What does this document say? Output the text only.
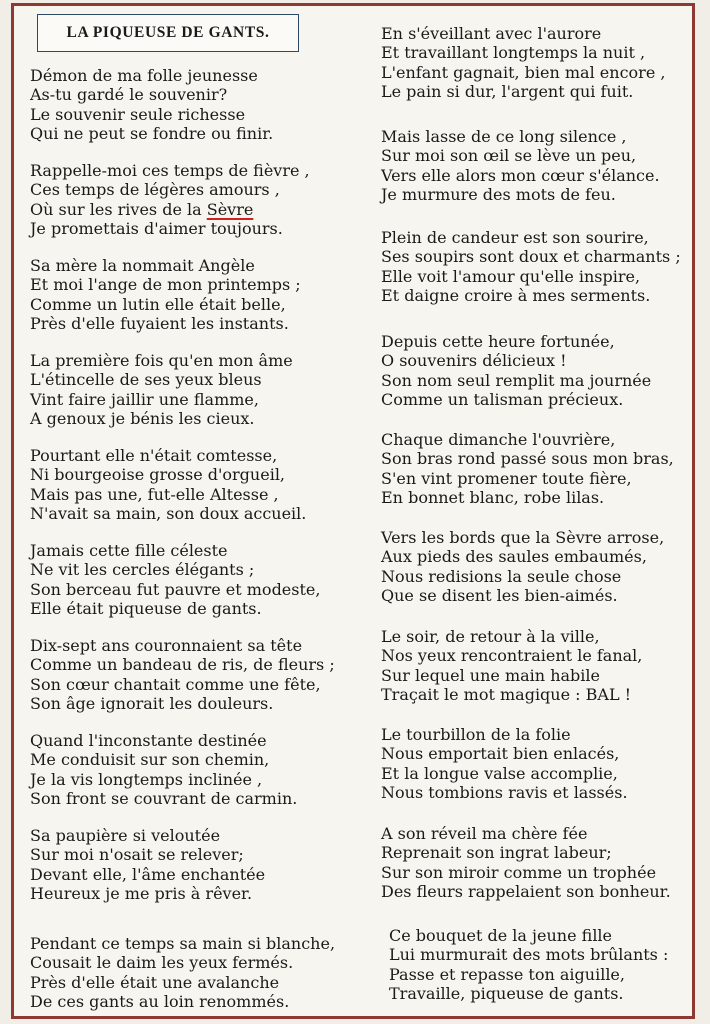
LA PIQUEUSE DE GANTS.
Démon de ma folle jeunesse
As-tu gardé le souvenir?
Le souvenir seule richesse
Qui ne peut se fondre ou finir.
Rappelle-moi ces temps de fièvre ,
Ces temps de légères amours ,
Où sur les rives de la Sèvre
Je promettais d'aimer toujours.
Sa mère la nommait Angèle
Et moi l'ange de mon printemps ;
Comme un lutin elle était belle,
Près d'elle fuyaient les instants.
La première fois qu'en mon âme
L'étincelle de ses yeux bleus
Vint faire jaillir une flamme,
A genoux je bénis les cieux.
Pourtant elle n'était comtesse,
Ni bourgeoise grosse d'orgueil,
Mais pas une, fut-elle Altesse ,
N'avait sa main, son doux accueil.
Jamais cette fille céleste
Ne vit les cercles élégants ;
Son berceau fut pauvre et modeste,
Elle était piqueuse de gants.
Dix-sept ans couronnaient sa tête
Comme un bandeau de ris, de fleurs ;
Son cœur chantait comme une fête,
Son âge ignorait les douleurs.
Quand l'inconstante destinée
Me conduisit sur son chemin,
Je la vis longtemps inclinée ,
Son front se couvrant de carmin.
Sa paupière si veloutée
Sur moi n'osait se relever;
Devant elle, l'âme enchantée
Heureux je me pris à rêver.
Pendant ce temps sa main si blanche,
Cousait le daim les yeux fermés.
Près d'elle était une avalanche
De ces gants au loin renommés.
En s'éveillant avec l'aurore
Et travaillant longtemps la nuit ,
L'enfant gagnait, bien mal encore ,
Le pain si dur, l'argent qui fuit.
Mais lasse de ce long silence ,
Sur moi son œil se lève un peu,
Vers elle alors mon cœur s'élance.
Je murmure des mots de feu.
Plein de candeur est son sourire,
Ses soupirs sont doux et charmants ;
Elle voit l'amour qu'elle inspire,
Et daigne croire à mes serments.
Depuis cette heure fortunée,
O souvenirs délicieux !
Son nom seul remplit ma journée
Comme un talisman précieux.
Chaque dimanche l'ouvrière,
Son bras rond passé sous mon bras,
S'en vint promener toute fière,
En bonnet blanc, robe lilas.
Vers les bords que la Sèvre arrose,
Aux pieds des saules embaumés,
Nous redisions la seule chose
Que se disent les bien-aimés.
Le soir, de retour à la ville,
Nos yeux rencontraient le fanal,
Sur lequel une main habile
Traçait le mot magique : BAL !
Le tourbillon de la folie
Nous emportait bien enlacés,
Et la longue valse accomplie,
Nous tombions ravis et lassés.
A son réveil ma chère fée
Reprenait son ingrat labeur;
Sur son miroir comme un trophée
Des fleurs rappelaient son bonheur.
Ce bouquet de la jeune fille
Lui murmurait des mots brûlants :
Passe et repasse ton aiguille,
Travaille, piqueuse de gants.
